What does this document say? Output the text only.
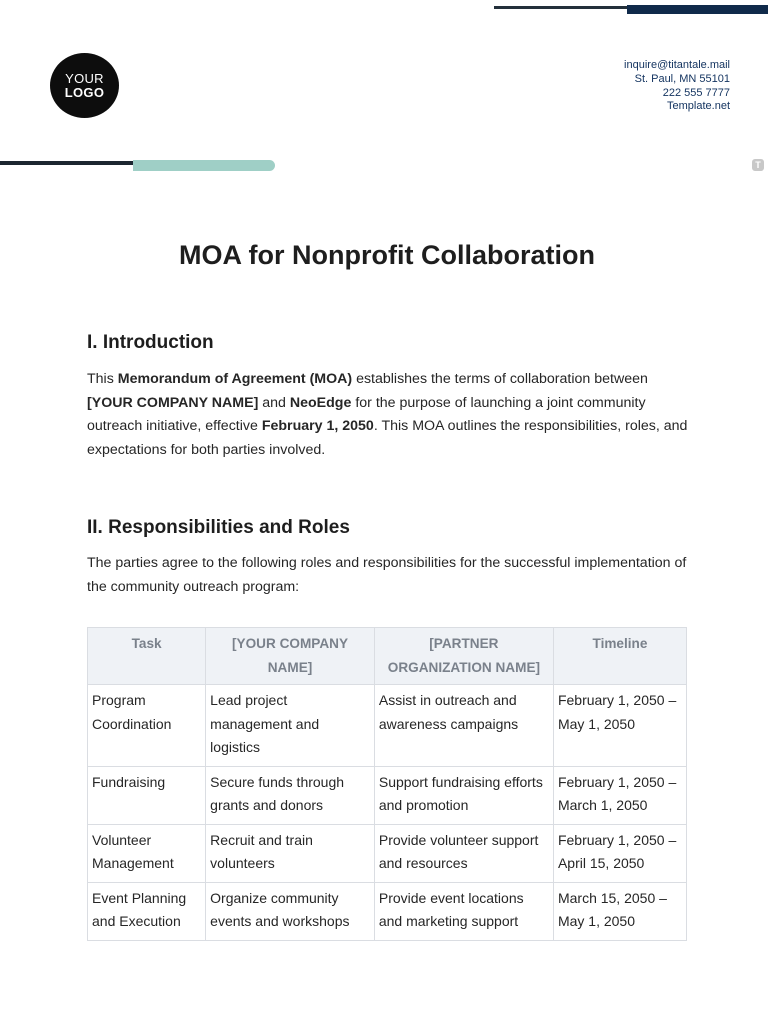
YOUR
LOGO
inquire@titantale.mail
St. Paul, MN 55101
222 555 7777
Template.net
T
MOA for Nonprofit Collaboration
I. Introduction

This Memorandum of Agreement (MOA) establishes the terms of collaboration between
[YOUR COMPANY NAME] and NeoEdge for the purpose of launching a joint community outreach initiative, effective February 1, 2050. This MOA outlines the responsibilities, roles, and expectations for both parties involved.

II. Responsibilities and Roles

The parties agree to the following roles and responsibilities for the successful implementation of the community outreach program:

Task	[YOUR COMPANY NAME]	[PARTNER ORGANIZATION NAME]	Timeline
Program Coordination	Lead project management and logistics	Assist in outreach and awareness campaigns	February 1, 2050 – May 1, 2050
Fundraising	Secure funds through grants and donors	Support fundraising efforts and promotion	February 1, 2050 – March 1, 2050
Volunteer Management	Recruit and train volunteers	Provide volunteer support and resources	February 1, 2050 – April 15, 2050
Event Planning and Execution	Organize community events and workshops	Provide event locations and marketing support	March 15, 2050 – May 1, 2050
